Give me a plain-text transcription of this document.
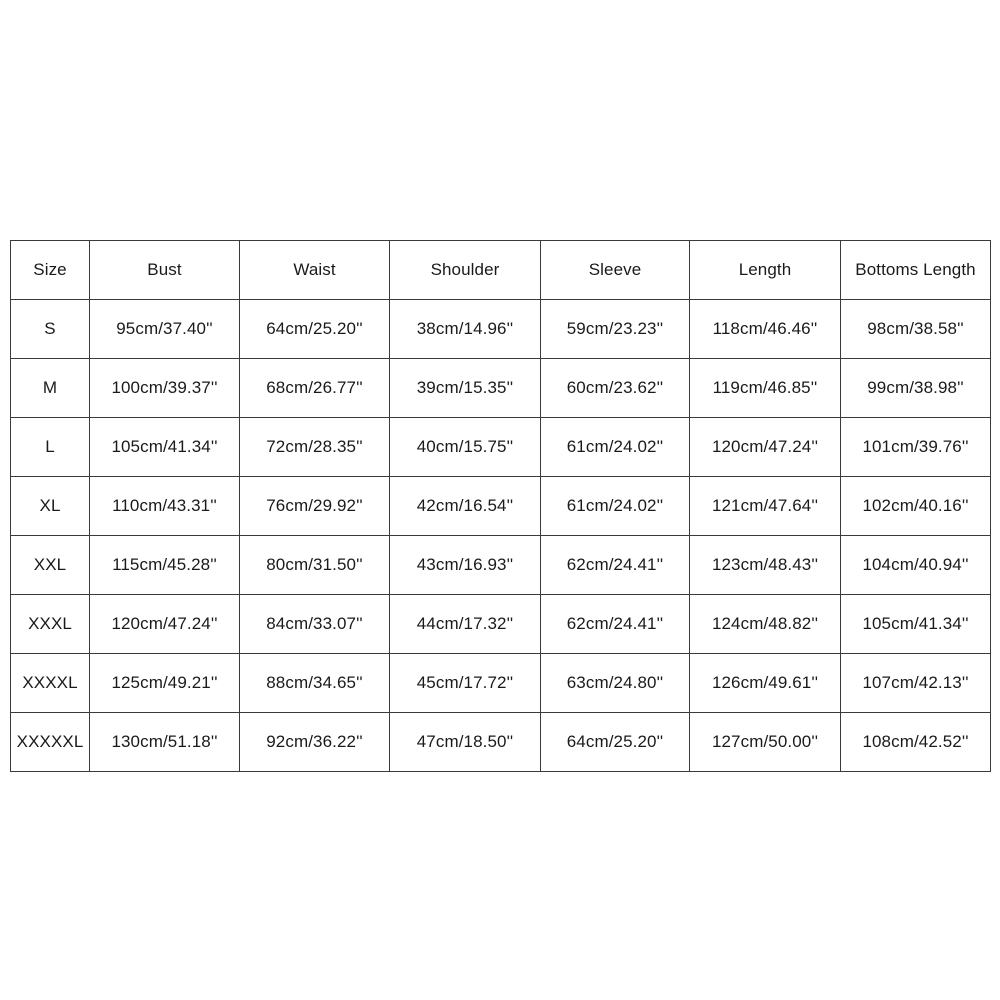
Size	Bust	Waist	Shoulder	Sleeve	Length	Bottoms Length
S	95cm/37.40''	64cm/25.20''	38cm/14.96''	59cm/23.23''	118cm/46.46''	98cm/38.58''
M	100cm/39.37''	68cm/26.77''	39cm/15.35''	60cm/23.62''	119cm/46.85''	99cm/38.98''
L	105cm/41.34''	72cm/28.35''	40cm/15.75''	61cm/24.02''	120cm/47.24''	101cm/39.76''
XL	110cm/43.31''	76cm/29.92''	42cm/16.54''	61cm/24.02''	121cm/47.64''	102cm/40.16''
XXL	115cm/45.28''	80cm/31.50''	43cm/16.93''	62cm/24.41''	123cm/48.43''	104cm/40.94''
XXXL	120cm/47.24''	84cm/33.07''	44cm/17.32''	62cm/24.41''	124cm/48.82''	105cm/41.34''
XXXXL	125cm/49.21''	88cm/34.65''	45cm/17.72''	63cm/24.80''	126cm/49.61''	107cm/42.13''
XXXXXL	130cm/51.18''	92cm/36.22''	47cm/18.50''	64cm/25.20''	127cm/50.00''	108cm/42.52''
